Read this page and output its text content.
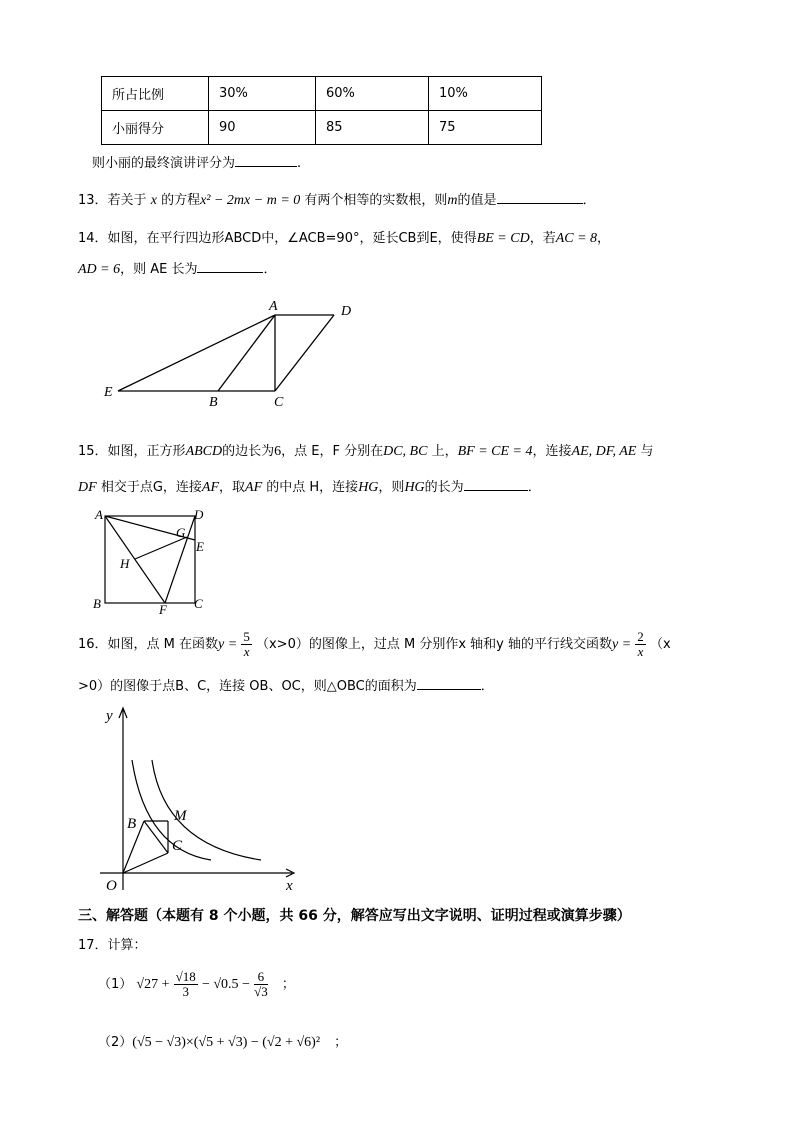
所占比例	30%	60%	10%
小丽得分	90	85	75
则小丽的最终演讲评分为	.
13．若关于 x 的方程x² − 2mx − m = 0 有两个相等的实数根，则m的值是	．
14．如图，在平行四边形ABCD中，∠ACB=90°，延长CB到E，使得BE = CD，若AC = 8，
AD = 6，则 AE 长为	．
A	D
E
B	C
15．如图，正方形ABCD的边长为6，点 E，F 分别在DC, BC 上，BF = CE = 4，连接AE, DF, AE 与
DF 相交于点G，连接AF，取AF 的中点 H，连接HG，则HG的长为	．
A	D
G
E
H
B	F C
16．如图，点 M 在函数$y = \frac{5}{x} (x>0)$的图像上，过点 M 分别作x 轴和y 轴的平行线交函数$y = \frac{2}{x} (x$
>0）的图像于点B、C，连接 OB、OC，则△OBC的面积为	．
y
x
O
B	M
C
三、解答题（本题有 8 个小题，共 66 分，解答应写出文字说明、证明过程或演算步骤）
17．计算：
（1） $√27 + \frac{√18}{3} - √0.5 - \frac{6}{√3}$ ；
（2）(√5 − √3)×(√5 + √3) − (√2 + √6)² ；
